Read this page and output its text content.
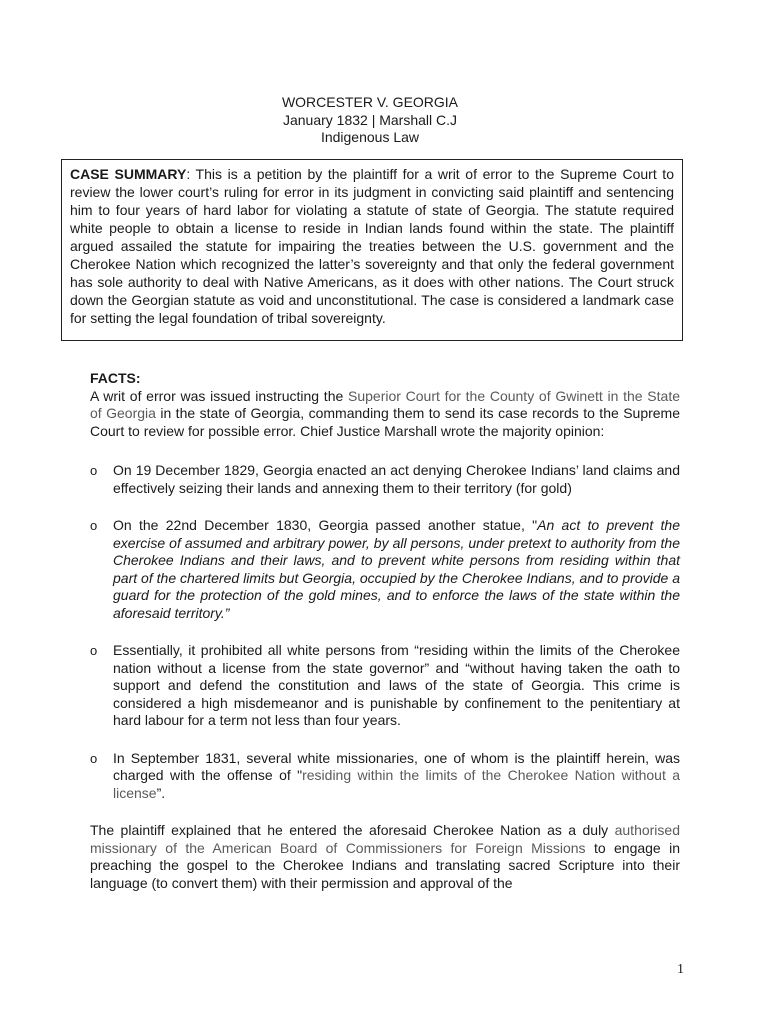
WORCESTER V. GEORGIA
January 1832 | Marshall C.J
Indigenous Law
CASE SUMMARY: This is a petition by the plaintiff for a writ of error to the Supreme Court to review the lower court’s ruling for error in its judgment in convicting said plaintiff and sentencing him to four years of hard labor for violating a statute of state of Georgia. The statute required white people to obtain a license to reside in Indian lands found within the state. The plaintiff argued assailed the statute for impairing the treaties between the U.S. government and the Cherokee Nation which recognized the latter’s sovereignty and that only the federal government has sole authority to deal with Native Americans, as it does with other nations. The Court struck down the Georgian statute as void and unconstitutional. The case is considered a landmark case for setting the legal foundation of tribal sovereignty.

FACTS:

A writ of error was issued instructing the Superior Court for the County of Gwinett in the State of Georgia in the state of Georgia, commanding them to send its case records to the Supreme Court to review for possible error. Chief Justice Marshall wrote the majority opinion:

o On 19 December 1829, Georgia enacted an act denying Cherokee Indians’ land claims and effectively seizing their lands and annexing them to their territory (for gold)
o On the 22nd December 1830, Georgia passed another statue, "An act to prevent the exercise of assumed and arbitrary power, by all persons, under pretext to authority from the Cherokee Indians and their laws, and to prevent white persons from residing within that part of the chartered limits but Georgia, occupied by the Cherokee Indians, and to provide a guard for the protection of the gold mines, and to enforce the laws of the state within the aforesaid territory.”
o Essentially, it prohibited all white persons from “residing within the limits of the Cherokee nation without a license from the state governor” and “without having taken the oath to support and defend the constitution and laws of the state of Georgia. This crime is considered a high misdemeanor and is punishable by confinement to the penitentiary at hard labour for a term not less than four years.
o In September 1831, several white missionaries, one of whom is the plaintiff herein, was charged with the offense of "residing within the limits of the Cherokee Nation without a license”.

The plaintiff explained that he entered the aforesaid Cherokee Nation as a duly authorised missionary of the American Board of Commissioners for Foreign Missions to engage in preaching the gospel to the Cherokee Indians and translating sacred Scripture into their language (to convert them) with their permission and approval of the

1
